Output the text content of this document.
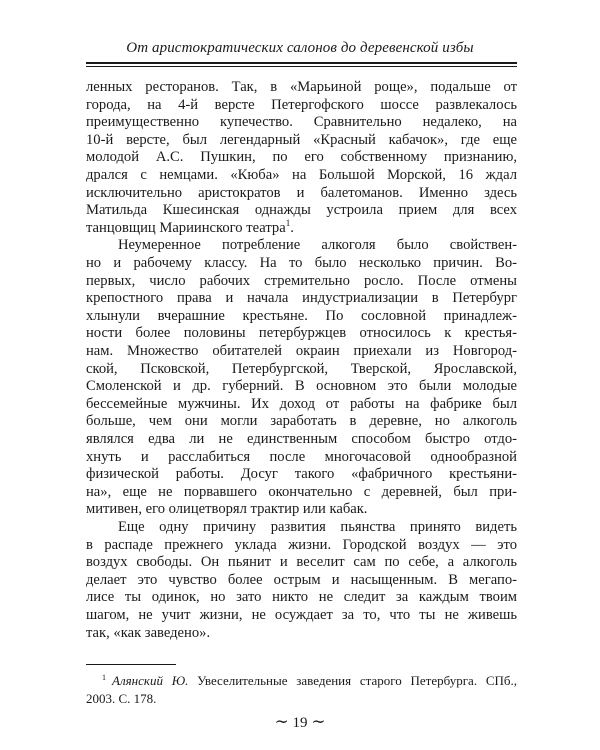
От аристократических салонов до деревенской избы
ленных ресторанов. Так, в «Марьиной роще», подальше от
города, на 4-й версте Петергофского шоссе развлекалось
преимущественно купечество. Сравнительно недалеко, на
10-й версте, был легендарный «Красный кабачок», где еще
молодой А.С. Пушкин, по его собственному признанию,
дрался с немцами. «Кюба» на Большой Морской, 16 ждал
исключительно аристократов и балетоманов. Именно здесь
Матильда Кшесинская однажды устроила прием для всех
танцовщиц Мариинского театра$^1$.
Неумеренное потребление алкоголя было свойствен-
но и рабочему классу. На то было несколько причин. Во-
первых, число рабочих стремительно росло. После отмены
крепостного права и начала индустриализации в Петербург
хлынули вчерашние крестьяне. По сословной принадлеж-
ности более половины петербуржцев относилось к крестья-
нам. Множество обитателей окраин приехали из Новгород-
ской, Псковской, Петербургской, Тверской, Ярославской,
Смоленской и др. губерний. В основном это были молодые
бессемейные мужчины. Их доход от работы на фабрике был
больше, чем они могли заработать в деревне, но алкоголь
являлся едва ли не единственным способом быстро отдо-
хнуть и расслабиться после многочасовой однообразной
физической работы. Досуг такого «фабричного крестьяни-
на», еще не порвавшего окончательно с деревней, был при-
митивен, его олицетворял трактир или кабак.
Еще одну причину развития пьянства принято видеть
в распаде прежнего уклада жизни. Городской воздух — это
воздух свободы. Он пьянит и веселит сам по себе, а алкоголь
$^1$ Алянский Ю. Увеселительные заведения старого Петербурга. СПб.,
2003. С. 178.
∼ 19 ∼
делает это чувство более острым и насыщенным. В мегапо-
лисе ты одинок, но зато никто не следит за каждым твоим
шагом, не учит жизни, не осуждает за то, что ты не живешь
так, «как заведено».
